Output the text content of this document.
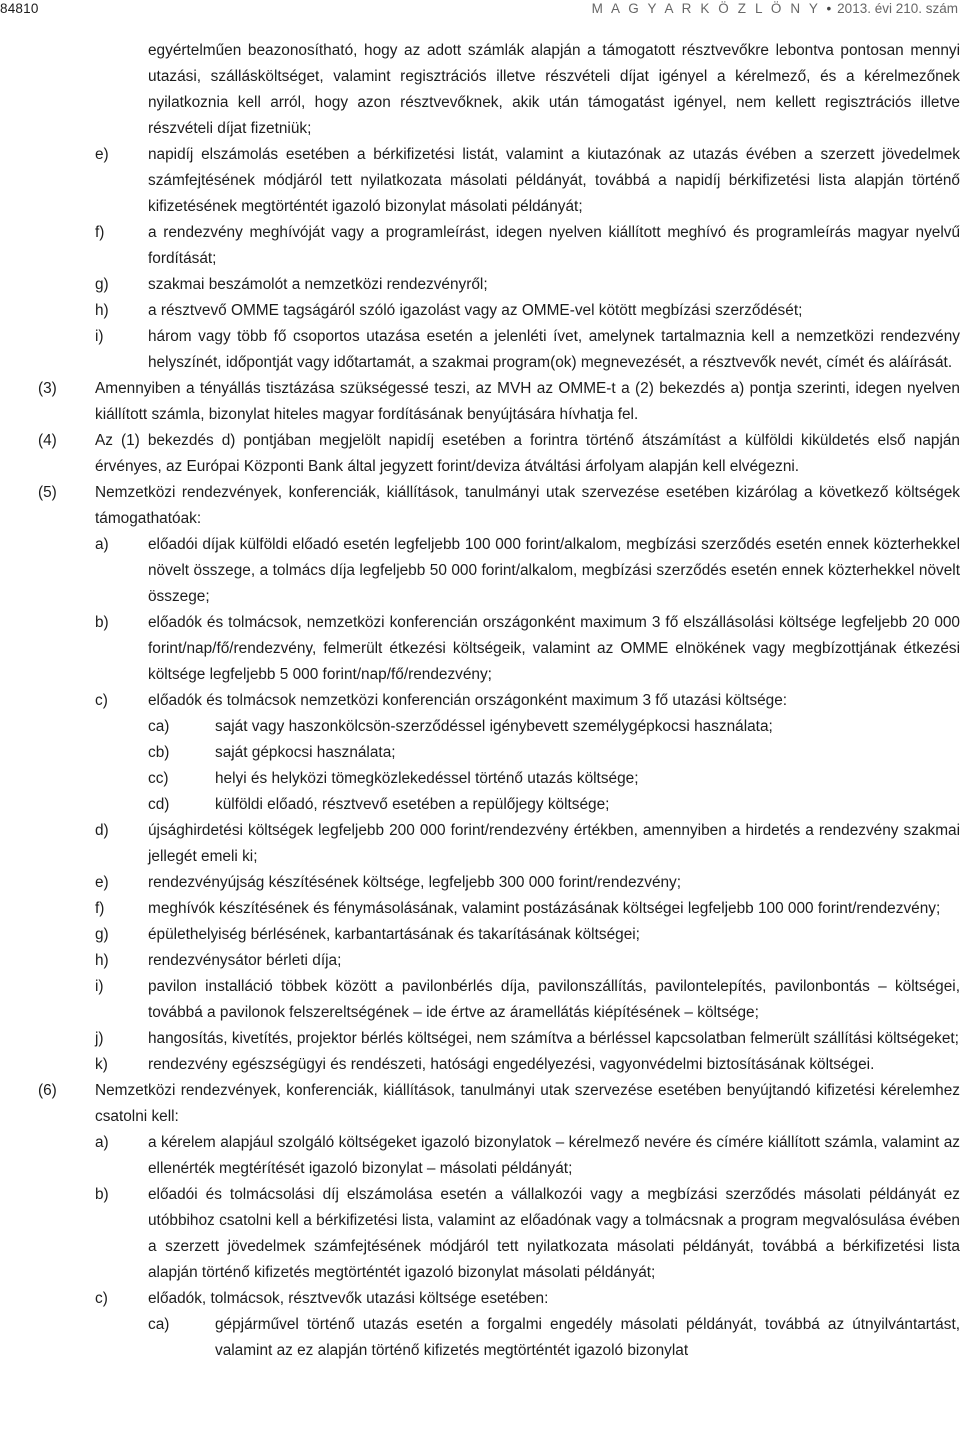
84810	M A G Y A R K Ö Z L Ö N Y • 2013. évi 210. szám
egyértelműen beazonosítható, hogy az adott számlák alapján a támogatott résztvevőkre lebontva pontosan mennyi utazási, szállásköltséget, valamint regisztrációs illetve részvételi díjat igényel a kérelmező, és a kérelmezőnek nyilatkoznia kell arról, hogy azon résztvevőknek, akik után támogatást igényel, nem kellett regisztrációs illetve részvételi díjat fizetniük;
e)	napidíj elszámolás esetében a bérkifizetési listát, valamint a kiutazónak az utazás évében a szerzett jövedelmek számfejtésének módjáról tett nyilatkozata másolati példányát, továbbá a napidíj bérkifizetési lista alapján történő kifizetésének megtörténtét igazoló bizonylat másolati példányát;
f)	a rendezvény meghívóját vagy a programleírást, idegen nyelven kiállított meghívó és programleírás magyar nyelvű fordítását;
g)	szakmai beszámolót a nemzetközi rendezvényről;
h)	a résztvevő OMME tagságáról szóló igazolást vagy az OMME-vel kötött megbízási szerződését;
i)	három vagy több fő csoportos utazása esetén a jelenléti ívet, amelynek tartalmaznia kell a nemzetközi rendezvény helyszínét, időpontját vagy időtartamát, a szakmai program(ok) megnevezését, a résztvevők nevét, címét és aláírását.
(3) Amennyiben a tényállás tisztázása szükségessé teszi, az MVH az OMME-t a (2) bekezdés a) pontja szerinti, idegen nyelven kiállított számla, bizonylat hiteles magyar fordításának benyújtására hívhatja fel.
(4) Az (1) bekezdés d) pontjában megjelölt napidíj esetében a forintra történő átszámítást a külföldi kiküldetés első napján érvényes, az Európai Központi Bank által jegyzett forint/deviza átváltási árfolyam alapján kell elvégezni.
(5) Nemzetközi rendezvények, konferenciák, kiállítások, tanulmányi utak szervezése esetében kizárólag a következő költségek támogathatóak:
a)	előadói díjak külföldi előadó esetén legfeljebb 100 000 forint/alkalom, megbízási szerződés esetén ennek közterhekkel növelt összege, a tolmács díja legfeljebb 50 000 forint/alkalom, megbízási szerződés esetén ennek közterhekkel növelt összege;
b)	előadók és tolmácsok, nemzetközi konferencián országonként maximum 3 fő elszállásolási költsége legfeljebb 20 000 forint/nap/fő/rendezvény, felmerült étkezési költségeik, valamint az OMME elnökének vagy megbízottjának étkezési költsége legfeljebb 5 000 forint/nap/fő/rendezvény;
c)	előadók és tolmácsok nemzetközi konferencián országonként maximum 3 fő utazási költsége:
ca)	saját vagy haszonkölcsön-szerződéssel igénybevett személygépkocsi használata;
cb)	saját gépkocsi használata;
cc)	helyi és helyközi tömegközlekedéssel történő utazás költsége;
cd)	külföldi előadó, résztvevő esetében a repülőjegy költsége;
d)	újsághirdetési költségek legfeljebb 200 000 forint/rendezvény értékben, amennyiben a hirdetés a rendezvény szakmai jellegét emeli ki;
e)	rendezvényújság készítésének költsége, legfeljebb 300 000 forint/rendezvény;
f)	meghívók készítésének és fénymásolásának, valamint postázásának költségei legfeljebb 100 000 forint/rendezvény;
g)	épülethelyiség bérlésének, karbantartásának és takarításának költségei;
h)	rendezvénysátor bérleti díja;
i)	pavilon installáció többek között a pavilonbérlés díja, pavilonszállítás, pavilontelepítés, pavilonbontás – költségei, továbbá a pavilonok felszereltségének – ide értve az áramellátás kiépítésének – költsége;
j)	hangosítás, kivetítés, projektor bérlés költségei, nem számítva a bérléssel kapcsolatban felmerült szállítási költségeket;
k)	rendezvény egészségügyi és rendészeti, hatósági engedélyezési, vagyonvédelmi biztosításának költségei.
(6) Nemzetközi rendezvények, konferenciák, kiállítások, tanulmányi utak szervezése esetében benyújtandó kifizetési kérelemhez csatolni kell:
a)	a kérelem alapjául szolgáló költségeket igazoló bizonylatok – kérelmező nevére és címére kiállított számla, valamint az ellenérték megtérítését igazoló bizonylat – másolati példányát;
b)	előadói és tolmácsolási díj elszámolása esetén a vállalkozói vagy a megbízási szerződés másolati példányát ez utóbbihoz csatolni kell a bérkifizetési lista, valamint az előadónak vagy a tolmácsnak a program megvalósulása évében a szerzett jövedelmek számfejtésének módjáról tett nyilatkozata másolati példányát, továbbá a bérkifizetési lista alapján történő kifizetés megtörténtét igazoló bizonylat másolati példányát;
c)	előadók, tolmácsok, résztvevők utazási költsége esetében:
ca)	gépjárművel történő utazás esetén a forgalmi engedély másolati példányát, továbbá az útnyilvántartást, valamint az ez alapján történő kifizetés megtörténtét igazoló bizonylat
